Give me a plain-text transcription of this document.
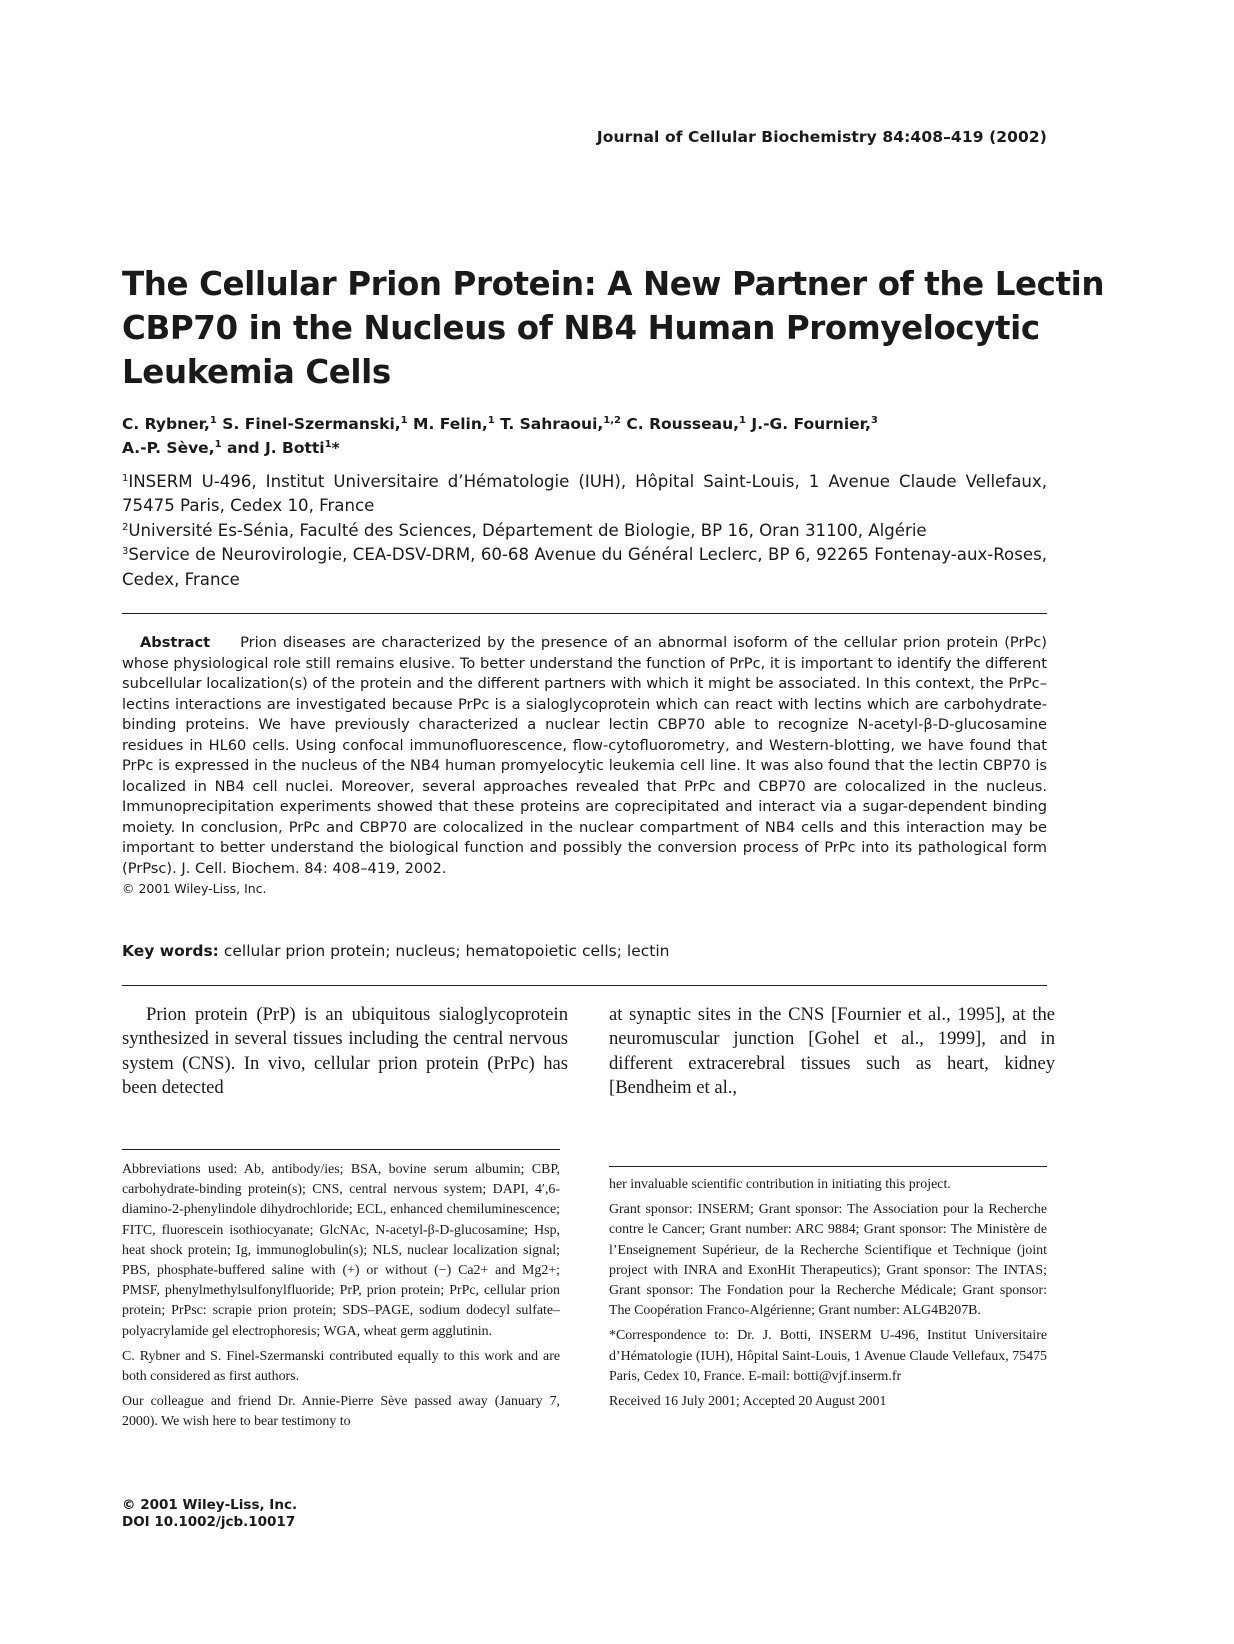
Journal of Cellular Biochemistry 84:408–419 (2002)
The Cellular Prion Protein: A New Partner of the Lectin
CBP70 in the Nucleus of NB4 Human Promyelocytic
Leukemia Cells
C. Rybner,$^1$ S. Finel-Szermanski,$^1$ M. Felin,$^1$ T. Sahraoui,$^{1,2}$ C. Rousseau,$^1$ J.-G. Fournier,$^3$
A.-P. Sève,$^1$ and J. Botti$^1$*
$^1$INSERM U-496, Institut Universitaire d’Hématologie (IUH), Hôpital Saint-Louis, 1 Avenue Claude Vellefaux, 75475 Paris, Cedex 10, France
$^2$Université Es-Sénia, Faculté des Sciences, Département de Biologie, BP 16, Oran 31100, Algérie
$^3$Service de Neurovirologie, CEA-DSV-DRM, 60-68 Avenue du Général Leclerc, BP 6, 92265 Fontenay-aux-Roses, Cedex, France
Abstract Prion diseases are characterized by the presence of an abnormal isoform of the cellular prion protein (PrPc) whose physiological role still remains elusive. To better understand the function of PrPc, it is important to identify the different subcellular localization(s) of the protein and the different partners with which it might be associated. In this context, the PrPc–lectins interactions are investigated because PrPc is a sialoglycoprotein which can react with lectins which are carbohydrate-binding proteins. We have previously characterized a nuclear lectin CBP70 able to recognize N-acetyl-β-D-glucosamine residues in HL60 cells. Using confocal immunofluorescence, flow-cytofluorometry, and Western-blotting, we have found that PrPc is expressed in the nucleus of the NB4 human promyelocytic leukemia cell line. It was also found that the lectin CBP70 is localized in NB4 cell nuclei. Moreover, several approaches revealed that PrPc and CBP70 are colocalized in the nucleus. Immunoprecipitation experiments showed that these proteins are coprecipitated and interact via a sugar-dependent binding moiety. In conclusion, PrPc and CBP70 are colocalized in the nuclear compartment of NB4 cells and this interaction may be important to better understand the biological function and possibly the conversion process of PrPc into its pathological form (PrPsc). J. Cell. Biochem. 84: 408–419, 2002.
© 2001 Wiley-Liss, Inc.
Key words: cellular prion protein; nucleus; hematopoietic cells; lectin
Prion protein (PrP) is an ubiquitous sialoglycoprotein synthesized in several tissues including the central nervous system (CNS). In vivo, cellular prion protein (PrPc) has been detected
at synaptic sites in the CNS [Fournier et al., 1995], at the neuromuscular junction [Gohel et al., 1999], and in different extracerebral tissues such as heart, kidney [Bendheim et al.,

Abbreviations used: Ab, antibody/ies; BSA, bovine serum albumin; CBP, carbohydrate-binding protein(s); CNS, central nervous system; DAPI, 4′,6-diamino-2-phenylindole dihydrochloride; ECL, enhanced chemiluminescence; FITC, fluorescein isothiocyanate; GlcNAc, N-acetyl-β-D-glucosamine; Hsp, heat shock protein; Ig, immunoglobulin(s); NLS, nuclear localization signal; PBS, phosphate-buffered saline with (+) or without (−) Ca2+ and Mg2+; PMSF, phenylmethylsulfonylfluoride; PrP, prion protein; PrPc, cellular prion protein; PrPsc: scrapie prion protein; SDS–PAGE, sodium dodecyl sulfate–polyacrylamide gel electrophoresis; WGA, wheat germ agglutinin.

C. Rybner and S. Finel-Szermanski contributed equally to this work and are both considered as first authors.

Our colleague and friend Dr. Annie-Pierre Sève passed away (January 7, 2000). We wish here to bear testimony to

her invaluable scientific contribution in initiating this project.

Grant sponsor: INSERM; Grant sponsor: The Association pour la Recherche contre le Cancer; Grant number: ARC 9884; Grant sponsor: The Ministère de l’Enseignement Supérieur, de la Recherche Scientifique et Technique (joint project with INRA and ExonHit Therapeutics); Grant sponsor: The INTAS; Grant sponsor: The Fondation pour la Recherche Médicale; Grant sponsor: The Coopération Franco-Algérienne; Grant number: ALG4B207B.

*Correspondence to: Dr. J. Botti, INSERM U-496, Institut Universitaire d’Hématologie (IUH), Hôpital Saint-Louis, 1 Avenue Claude Vellefaux, 75475 Paris, Cedex 10, France. E-mail: botti@vjf.inserm.fr

Received 16 July 2001; Accepted 20 August 2001

© 2001 Wiley-Liss, Inc.
DOI 10.1002/jcb.10017
